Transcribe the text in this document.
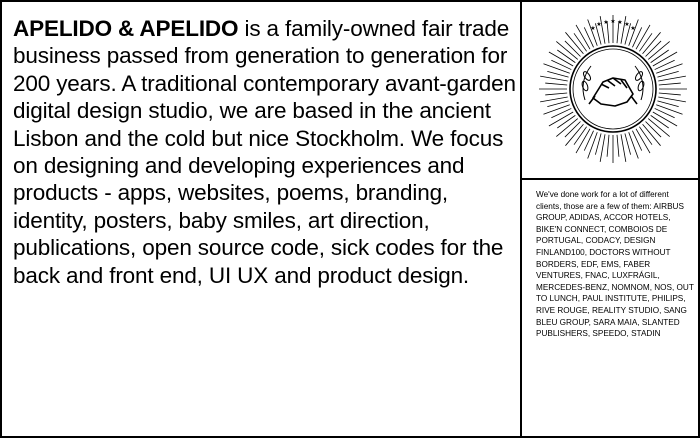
APELIDO & APELIDO is a family-owned fair trade business passed from generation to generation for 200 years. A traditional contemporary avant-garden digital design studio, we are based in the ancient Lisbon and the cold but nice Stockholm. We focus on designing and developing experiences and products - apps, websites, poems, branding, identity, posters, baby smiles, art direction, publications, open source code, sick codes for the back and front end, UI UX and product design.

★
★ ★ ★ ★ ★
★

We've done work for a lot of different clients, those are a few of them: AIRBUS GROUP, ADIDAS, ACCOR HOTELS, BIKE'N CONNECT, COMBOIOS DE PORTUGAL, CODACY, DESIGN FINLAND100, DOCTORS WITHOUT BORDERS, EDF, EMS, FABER VENTURES, FNAC, LUXFRÁGIL, MERCEDES-BENZ, NOMNOM, NOS, OUT TO LUNCH, PAUL INSTITUTE, PHILIPS, RIVE ROUGE, REALITY STUDIO, SANG BLEU GROUP, SARA MAIA, SLANTED PUBLISHERS, SPEEDO, STADIN
